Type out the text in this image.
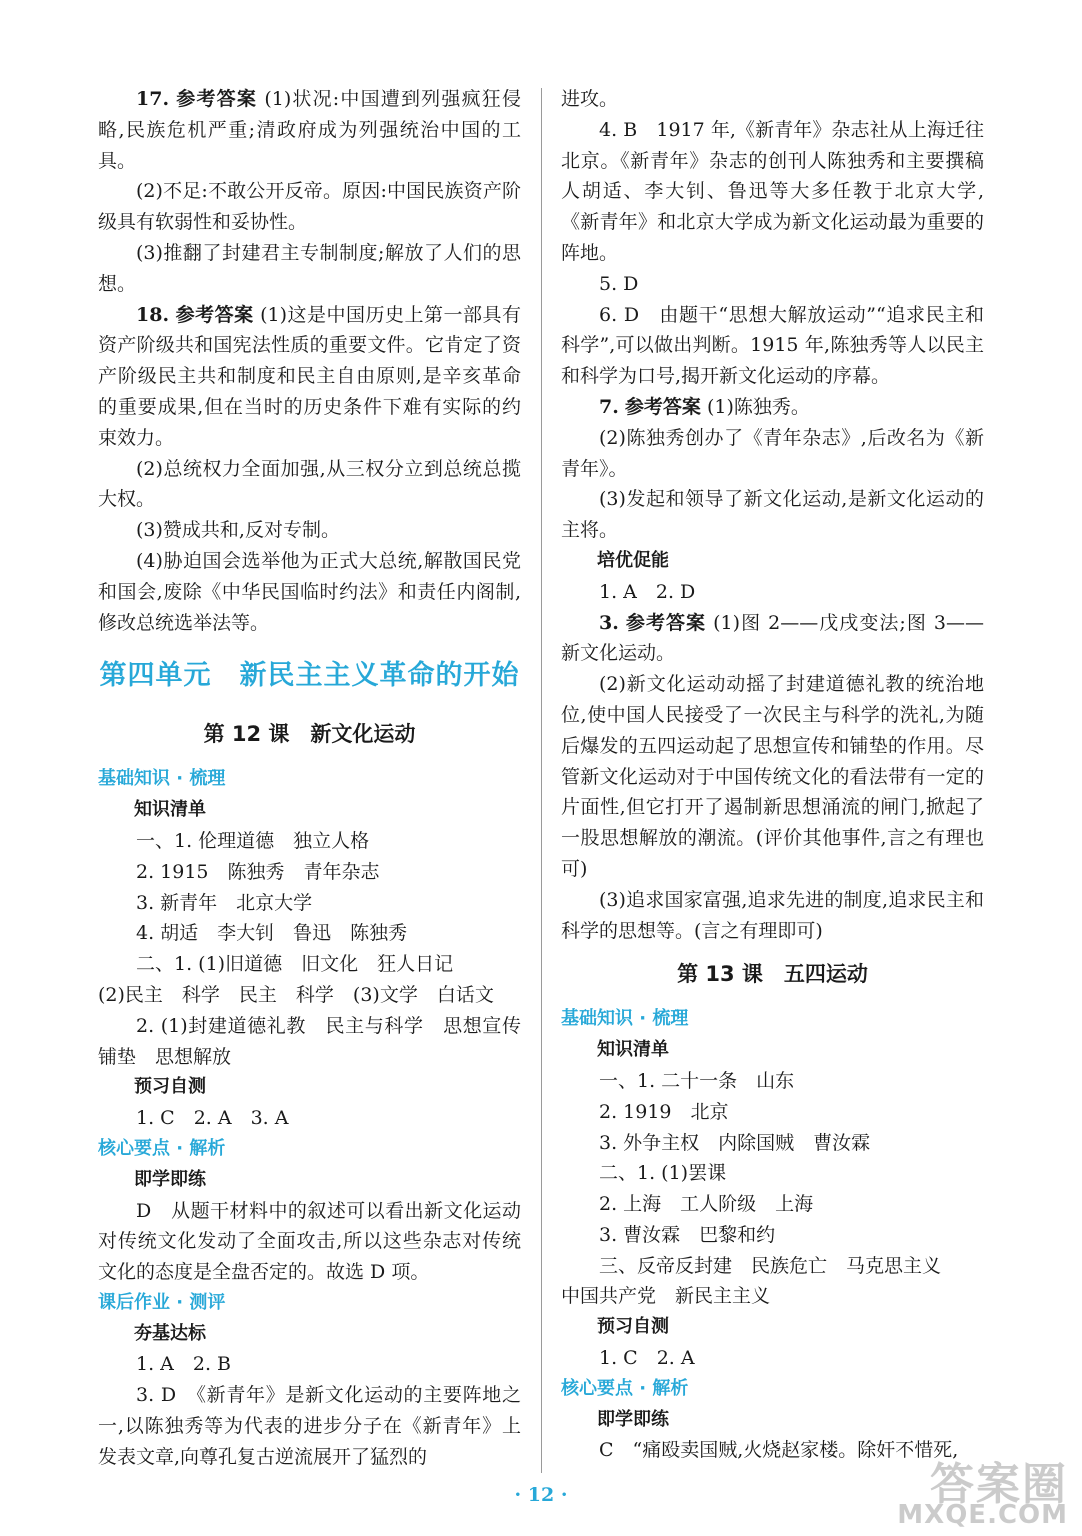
17. 参考答案 (1)状况:中国遭到列强疯狂侵略,民族危机严重;清政府成为列强统治中国的工具。

(2)不足:不敢公开反帝。原因:中国民族资产阶级具有软弱性和妥协性。

(3)推翻了封建君主专制制度;解放了人们的思想。

18. 参考答案 (1)这是中国历史上第一部具有资产阶级共和国宪法性质的重要文件。它肯定了资产阶级民主共和制度和民主自由原则,是辛亥革命的重要成果,但在当时的历史条件下难有实际的约束效力。

(2)总统权力全面加强,从三权分立到总统总揽大权。

(3)赞成共和,反对专制。

(4)胁迫国会选举他为正式大总统,解散国民党和国会,废除《中华民国临时约法》和责任内阁制,修改总统选举法等。

第四单元　新民主主义革命的开始
第 12 课　新文化运动

基础知识 · 梳理

知识清单

一、1. 伦理道德　独立人格

2. 1915　陈独秀　青年杂志

3. 新青年　北京大学

4. 胡适　李大钊　鲁迅　陈独秀

二、1. (1)旧道德　旧文化　狂人日记

(2)民主　科学　民主　科学　(3)文学　白话文

2. (1)封建道德礼教　民主与科学　思想宣传　铺垫　思想解放

预习自测

1. C　2. A　3. A

核心要点 · 解析

即学即练

D　从题干材料中的叙述可以看出新文化运动对传统文化发动了全面攻击,所以这些杂志对传统文化的态度是全盘否定的。故选 D 项。

课后作业 · 测评

夯基达标

1. A　2. B

3. D　《新青年》是新文化运动的主要阵地之一,以陈独秀等为代表的进步分子在《新青年》上发表文章,向尊孔复古逆流展开了猛烈的

进攻。

4. B　1917 年,《新青年》杂志社从上海迁往北京。《新青年》杂志的创刊人陈独秀和主要撰稿人胡适、李大钊、鲁迅等大多任教于北京大学,《新青年》和北京大学成为新文化运动最为重要的阵地。

5. D

6. D　由题干“思想大解放运动”“追求民主和科学”,可以做出判断。1915 年,陈独秀等人以民主和科学为口号,揭开新文化运动的序幕。

7. 参考答案 (1)陈独秀。

(2)陈独秀创办了《青年杂志》,后改名为《新青年》。

(3)发起和领导了新文化运动,是新文化运动的主将。

培优促能

1. A　2. D

3. 参考答案 (1)图 2——戊戌变法;图 3——新文化运动。

(2)新文化运动动摇了封建道德礼教的统治地位,使中国人民接受了一次民主与科学的洗礼,为随后爆发的五四运动起了思想宣传和铺垫的作用。尽管新文化运动对于中国传统文化的看法带有一定的片面性,但它打开了遏制新思想涌流的闸门,掀起了一股思想解放的潮流。(评价其他事件,言之有理也可)

(3)追求国家富强,追求先进的制度,追求民主和科学的思想等。(言之有理即可)

第 13 课　五四运动

基础知识 · 梳理

知识清单

一、1. 二十一条　山东

2. 1919　北京

3. 外争主权　内除国贼　曹汝霖

二、1. (1)罢课

2. 上海　工人阶级　上海

3. 曹汝霖　巴黎和约

三、反帝反封建　民族危亡　马克思主义

中国共产党　新民主主义

预习自测

1. C　2. A

核心要点 · 解析

即学即练

C　“痛殴卖国贼,火烧赵家楼。除奸不惜死,

· 12 ·	答案圈
MXQE.COM
